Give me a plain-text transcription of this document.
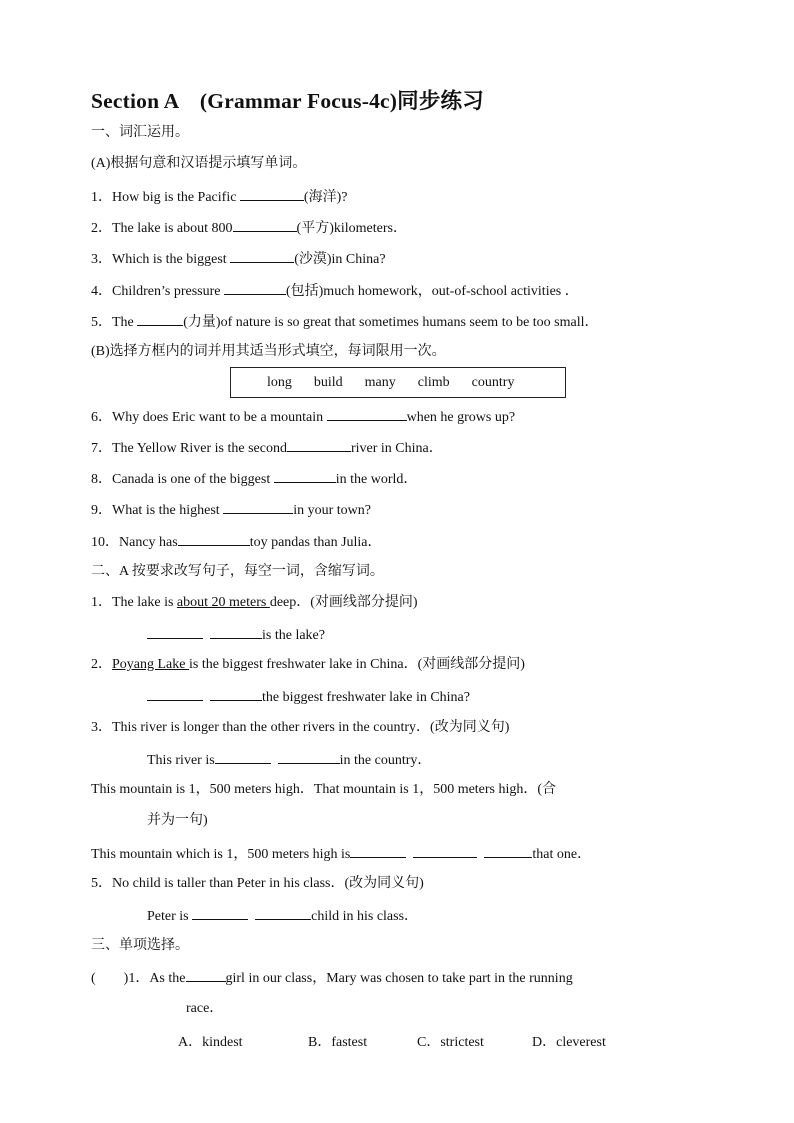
Section A　(Grammar Focus-4c)同步练习
一、词汇运用。
(A)根据句意和汉语提示填写单词。
1．How big is the Pacific	(海洋)?
2．The lake is about 800	(平方)kilometers．
3．Which is the biggest	(沙漠)in China?
4．Children’s pressure	(包括)much homework，out-of-school activities ．
5．The	(力量)of nature is so great that sometimes humans seem to be too small．
(B)选择方框内的词并用其适当形式填空，每词限用一次。
long build many climb country
6．Why does Eric want to be a mountain	when he grows up?
7．The Yellow River is the second	river in China．
8．Canada is one of the biggest	in the world．
9．What is the highest	in your town?
10．Nancy has	toy pandas than Julia．
二、A 按要求改写句子，每空一词，含缩写词。
1．The lake is about 20 meters deep．(对画线部分提问)
is the lake?
2．Poyang Lake is the biggest freshwater lake in China．(对画线部分提问)
the biggest freshwater lake in China?
3．This river is longer than the other rivers in the country．(改为同义句)
This river is	in the country．
This mountain is 1，500 meters high．That mountain is 1，500 meters high．(合
并为一句)
This mountain which is 1，500 meters high is	that one．
5．No child is taller than Peter in his class．(改为同义句)
Peter is	child in his class．
三、单项选择。
(　　)1．As the	girl in our class，Mary was chosen to take part in the running
race．
A．kindest	B．fastest	C．strictest	D．cleverest
